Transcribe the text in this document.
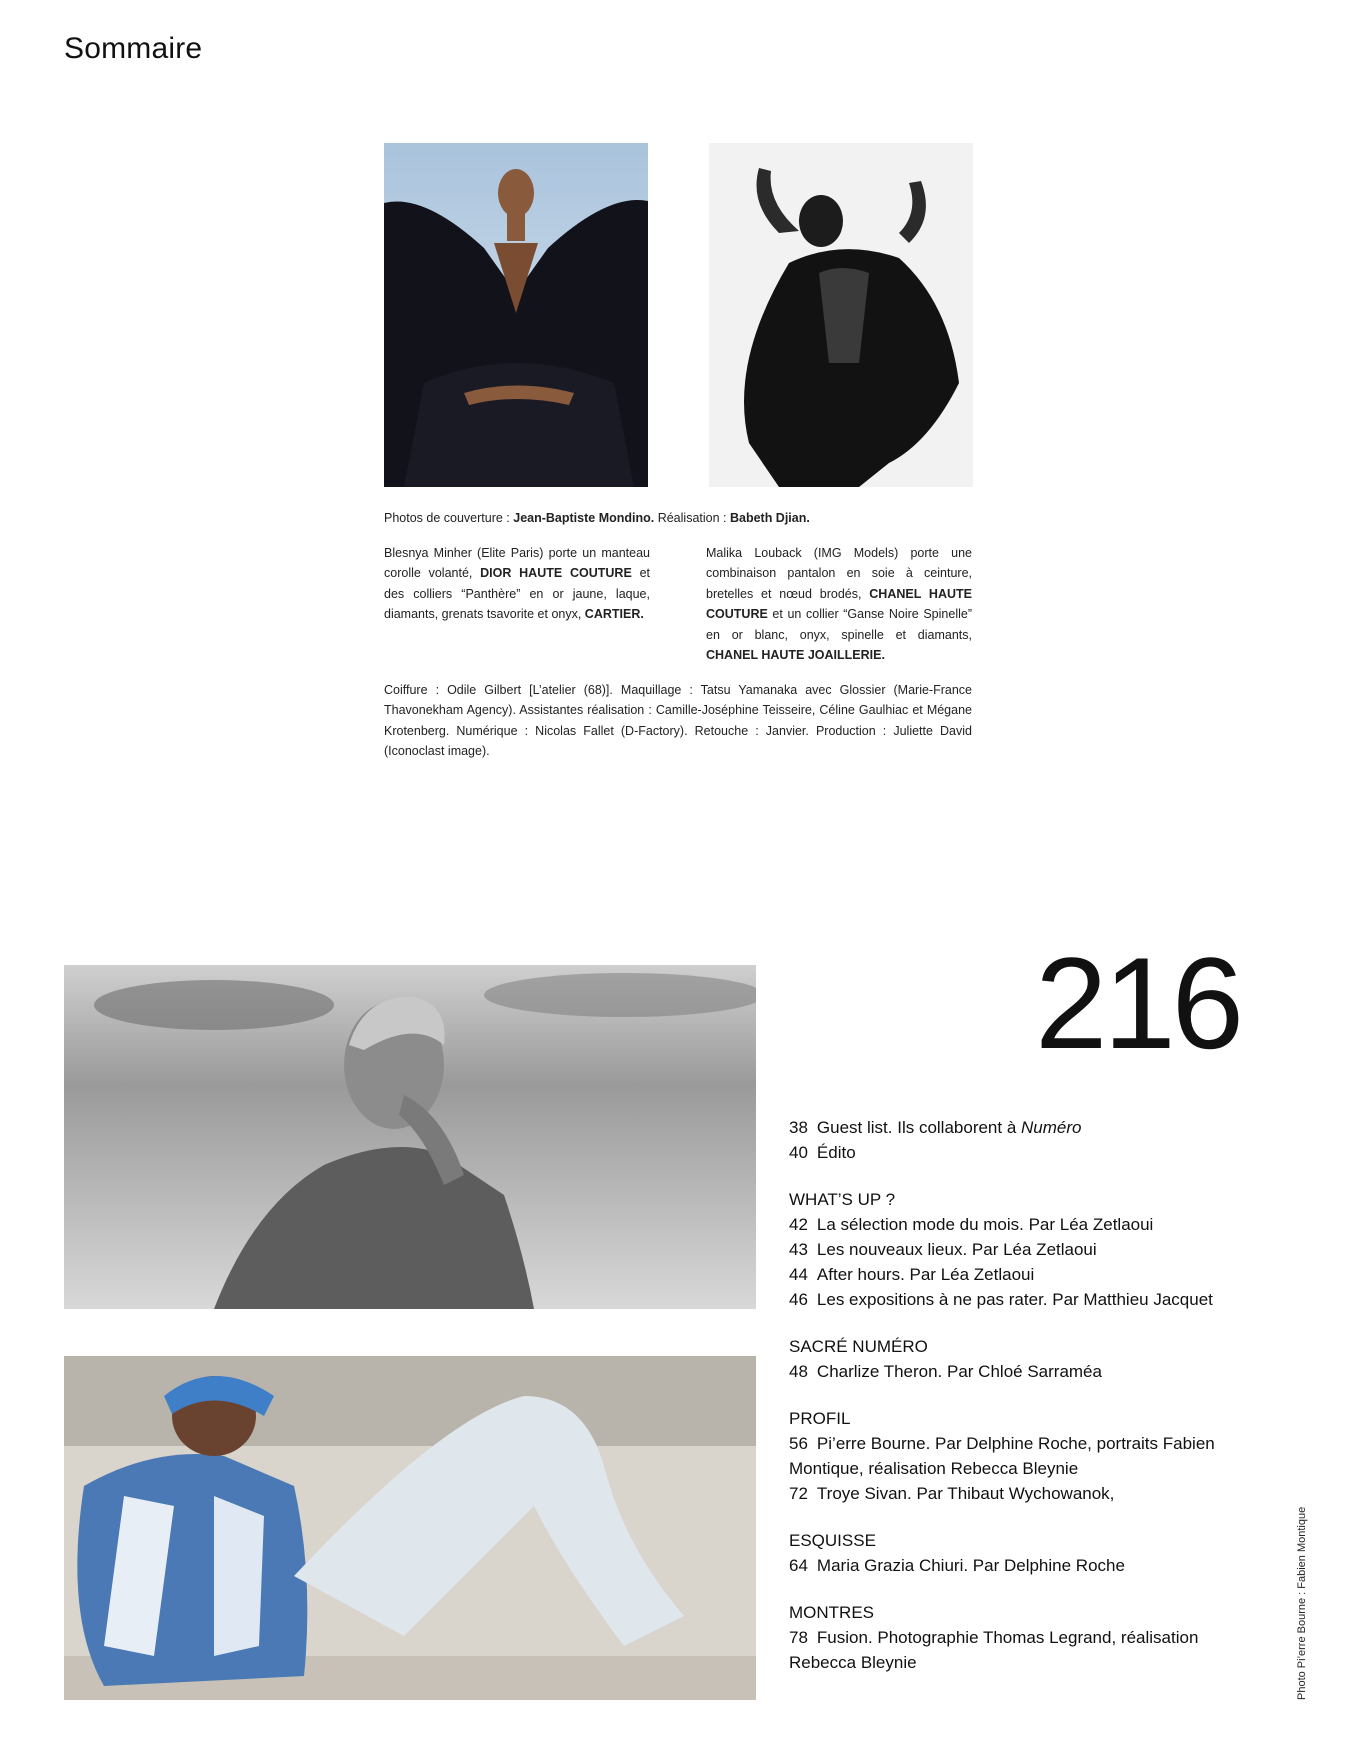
Sommaire
Photos de couverture : Jean-Baptiste Mondino. Réalisation : Babeth Djian.
Blesnya Minher (Elite Paris) porte un manteau corolle volanté, DIOR HAUTE COUTURE et des colliers “Panthère” en or jaune, laque, diamants, grenats tsavorite et onyx, CARTIER.
Malika Louback (IMG Models) porte une combinaison pantalon en soie à ceinture, bretelles et nœud brodés, CHANEL HAUTE COUTURE et un collier “Ganse Noire Spinelle” en or blanc, onyx, spinelle et diamants, CHANEL HAUTE JOAILLERIE.
Coiffure : Odile Gilbert [L’atelier (68)]. Maquillage : Tatsu Yamanaka avec Glossier (Marie-France Thavonekham Agency). Assistantes réalisation : Camille-Joséphine Teisseire, Céline Gaulhiac et Mégane Krotenberg. Numérique : Nicolas Fallet (D-Factory). Retouche : Janvier. Production : Juliette David (Iconoclast image).
216
38 Guest list. Ils collaborent à Numéro
40 Édito
WHAT’S UP ?
42 La sélection mode du mois. Par Léa Zetlaoui
43 Les nouveaux lieux. Par Léa Zetlaoui
44 After hours. Par Léa Zetlaoui
46 Les expositions à ne pas rater. Par Matthieu Jacquet
SACRÉ NUMÉRO
48 Charlize Theron. Par Chloé Sarraméa
PROFIL
56 Pi’erre Bourne. Par Delphine Roche, portraits Fabien Montique, réalisation Rebecca Bleynie
72 Troye Sivan. Par Thibaut Wychowanok,
ESQUISSE
64 Maria Grazia Chiuri. Par Delphine Roche
MONTRES
78 Fusion. Photographie Thomas Legrand, réalisation Rebecca Bleynie	Photo Pi’erre Bourne : Fabien Montique
